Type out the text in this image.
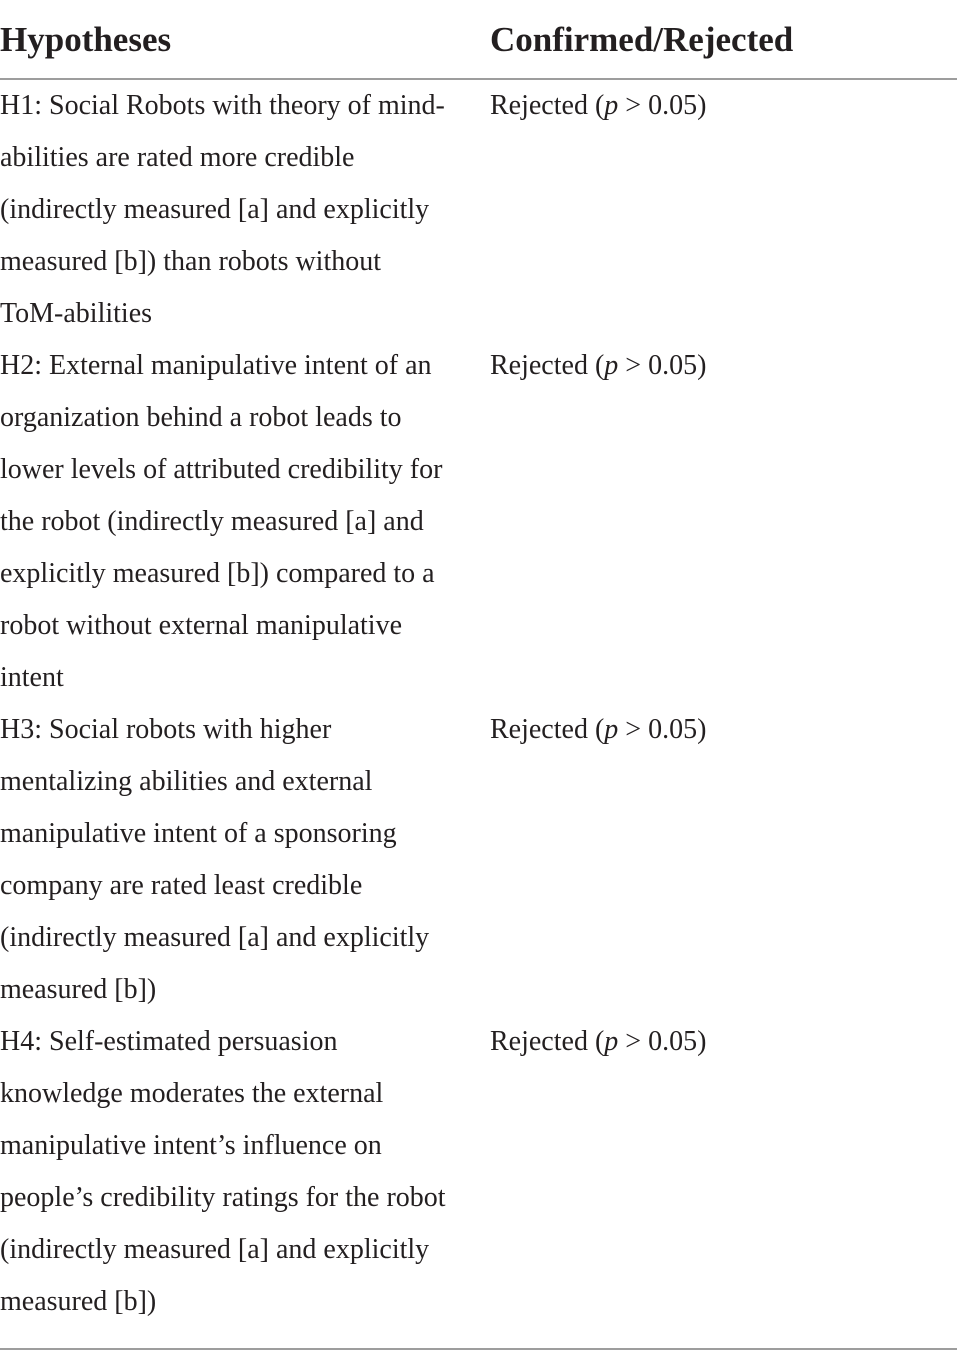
Hypotheses	Confirmed/Rejected
H1: Social Robots with theory of mind-
abilities are rated more credible
(indirectly measured [a] and explicitly
measured [b]) than robots without
ToM-abilities
Rejected (p > 0.05)
H2: External manipulative intent of an
organization behind a robot leads to
lower levels of attributed credibility for
the robot (indirectly measured [a] and
explicitly measured [b]) compared to a
robot without external manipulative
intent
Rejected (p > 0.05)
H3: Social robots with higher
mentalizing abilities and external
manipulative intent of a sponsoring
company are rated least credible
(indirectly measured [a] and explicitly
measured [b])
Rejected (p > 0.05)
H4: Self-estimated persuasion
knowledge moderates the external
manipulative intent’s influence on
people’s credibility ratings for the robot
(indirectly measured [a] and explicitly
measured [b])
Rejected (p > 0.05)
